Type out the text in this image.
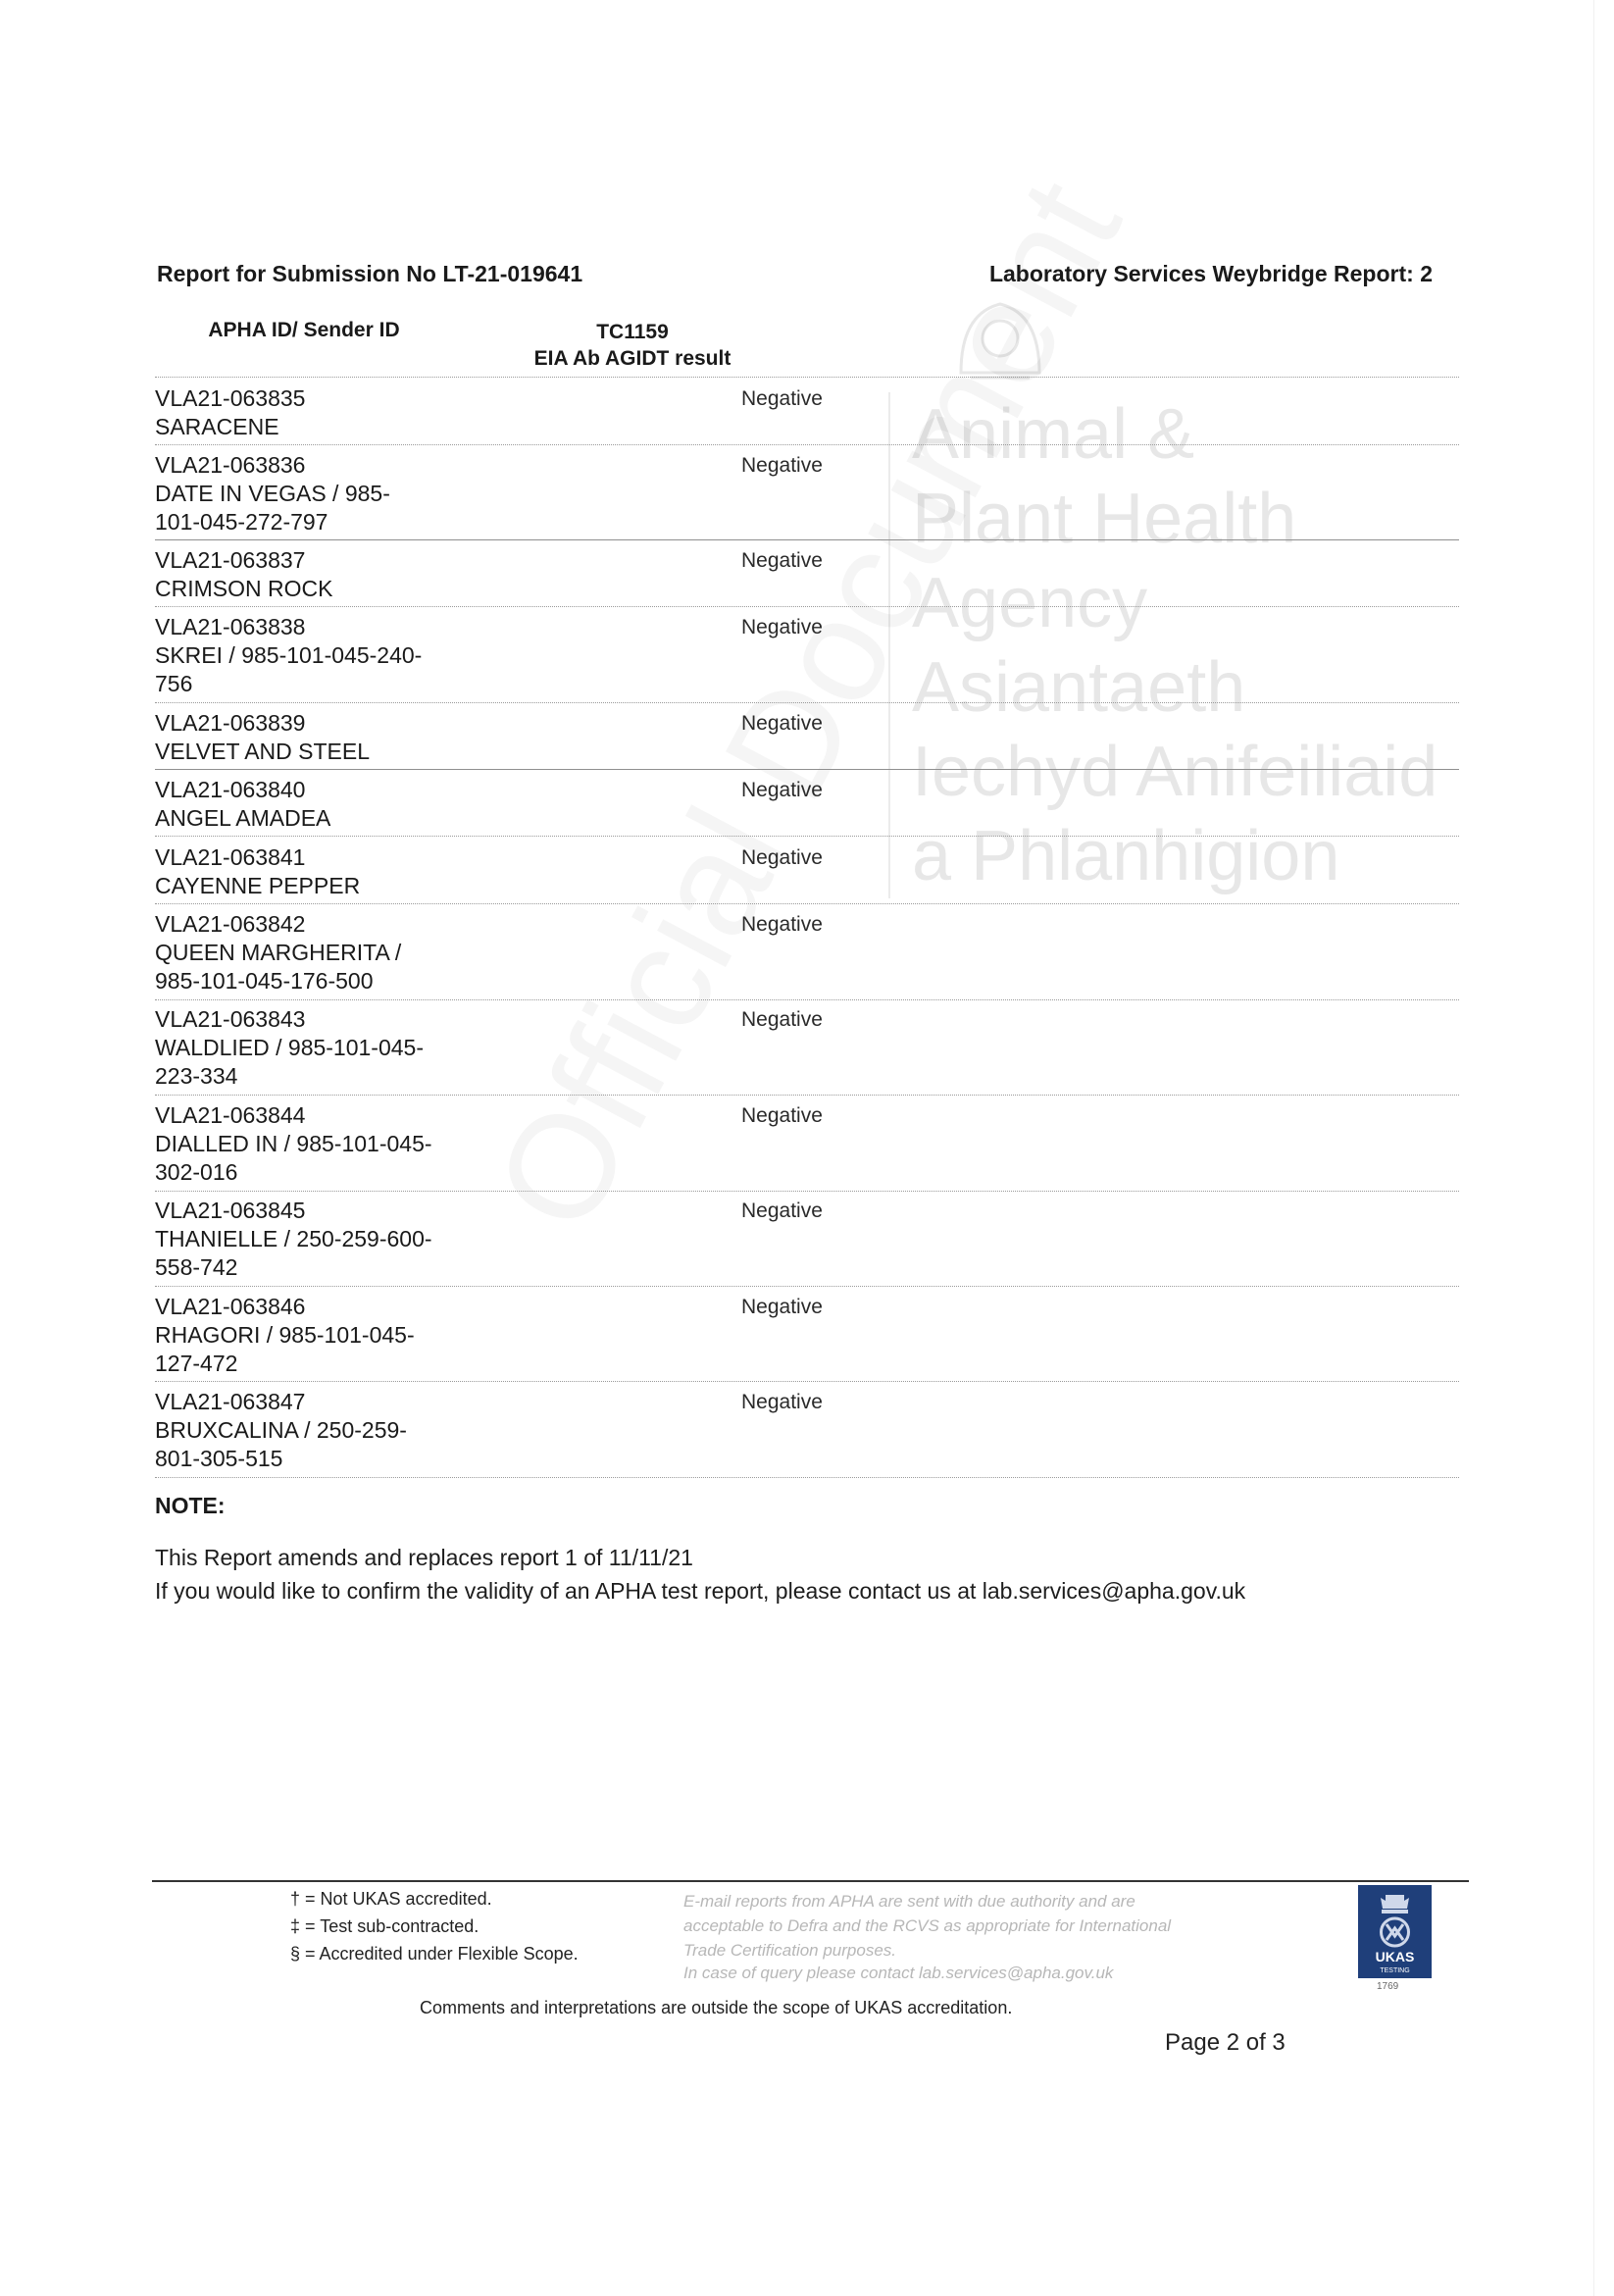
Animal &
Plant Health
Agency
Asiantaeth
Iechyd Anifeiliaid
a Phlanhigion
Report for Submission No LT-21-019641	Laboratory Services Weybridge Report: 2
APHA ID/ Sender ID	TC1159
EIA Ab AGIDT result
VLA21-063835
SARACENE
Negative
VLA21-063836
DATE IN VEGAS / 985-
101-045-272-797
Negative
VLA21-063837
CRIMSON ROCK
Negative
VLA21-063838
SKREI / 985-101-045-240-
756
Negative
VLA21-063839
VELVET AND STEEL
Negative
VLA21-063840
ANGEL AMADEA
Negative
VLA21-063841
CAYENNE PEPPER
Negative
VLA21-063842
QUEEN MARGHERITA /
985-101-045-176-500
Negative
VLA21-063843
WALDLIED / 985-101-045-
223-334
Negative
VLA21-063844
DIALLED IN / 985-101-045-
302-016
Negative
VLA21-063845
THANIELLE / 250-259-600-
558-742
Negative
VLA21-063846
RHAGORI / 985-101-045-
127-472
Negative
VLA21-063847
BRUXCALINA / 250-259-
801-305-515
Negative
NOTE:
This Report amends and replaces report 1 of 11/11/21
If you would like to confirm the validity of an APHA test report, please contact us at lab.services@apha.gov.uk
† = Not UKAS accredited.
‡ = Test sub-contracted.
§ = Accredited under Flexible Scope.
E-mail reports from APHA are sent with due authority and are
acceptable to Defra and the RCVS as appropriate for International
Trade Certification purposes.
In case of query please contact lab.services@apha.gov.uk
UKAS
TESTING
1769
Comments and interpretations are outside the scope of UKAS accreditation.
Page 2 of 3
